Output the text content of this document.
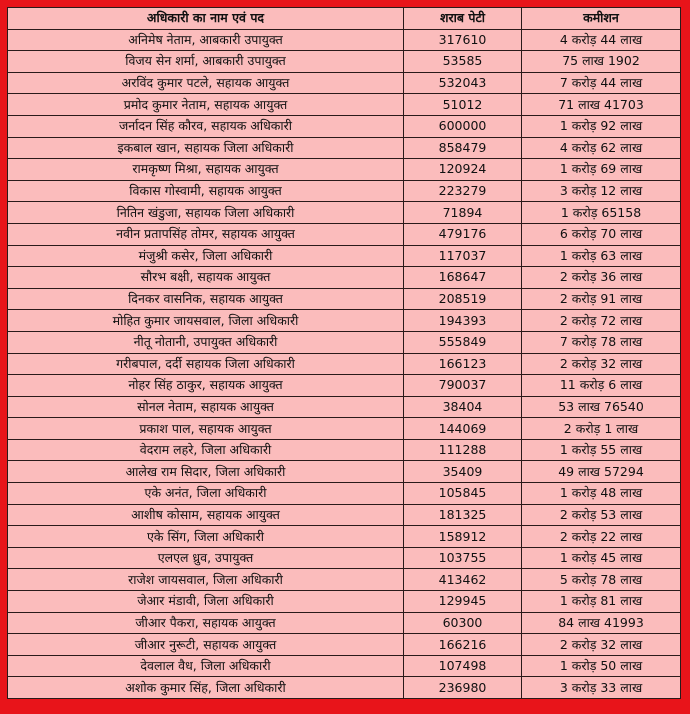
अधिकारी का नाम एवं पद	शराब पेटी	कमीशन
अनिमेष नेताम, आबकारी उपायुक्त	317610	4 करोड़ 44 लाख
विजय सेन शर्मा, आबकारी उपायुक्त	53585	75 लाख 1902
अरविंद कुमार पटले, सहायक आयुक्त	532043	7 करोड़ 44 लाख
प्रमोद कुमार नेताम, सहायक आयुक्त	51012	71 लाख 41703
जर्नादन सिंह कौरव, सहायक अधिकारी	600000	1 करोड़ 92 लाख
इकबाल खान, सहायक जिला अधिकारी	858479	4 करोड़ 62 लाख
रामकृष्ण मिश्रा, सहायक आयुक्त	120924	1 करोड़ 69 लाख
विकास गोस्वामी, सहायक आयुक्त	223279	3 करोड़ 12 लाख
नितिन खंडुजा, सहायक जिला अधिकारी	71894	1 करोड़ 65158
नवीन प्रतापसिंह तोमर, सहायक आयुक्त	479176	6 करोड़ 70 लाख
मंजुश्री कसेर, जिला अधिकारी	117037	1 करोड़ 63 लाख
सौरभ बक्षी, सहायक आयुक्त	168647	2 करोड़ 36 लाख
दिनकर वासनिक, सहायक आयुक्त	208519	2 करोड़ 91 लाख
मोहित कुमार जायसवाल, जिला अधिकारी	194393	2 करोड़ 72 लाख
नीतू नोतानी, उपायुक्त अधिकारी	555849	7 करोड़ 78 लाख
गरीबपाल, दर्दी सहायक जिला अधिकारी	166123	2 करोड़ 32 लाख
नोहर सिंह ठाकुर, सहायक आयुक्त	790037	11 करोड़ 6 लाख
सोनल नेताम, सहायक आयुक्त	38404	53 लाख 76540
प्रकाश पाल, सहायक आयुक्त	144069	2 करोड़ 1 लाख
वेदराम लहरे, जिला अधिकारी	111288	1 करोड़ 55 लाख
आलेख राम सिदार, जिला अधिकारी	35409	49 लाख 57294
एके अनंत, जिला अधिकारी	105845	1 करोड़ 48 लाख
आशीष कोसाम, सहायक आयुक्त	181325	2 करोड़ 53 लाख
एके सिंग, जिला अधिकारी	158912	2 करोड़ 22 लाख
एलएल ध्रुव, उपायुक्त	103755	1 करोड़ 45 लाख
राजेश जायसवाल, जिला अधिकारी	413462	5 करोड़ 78 लाख
जेआर मंडावी, जिला अधिकारी	129945	1 करोड़ 81 लाख
जीआर पैकरा, सहायक आयुक्त	60300	84 लाख 41993
जीआर नुरूटी, सहायक आयुक्त	166216	2 करोड़ 32 लाख
देवलाल वैध, जिला अधिकारी	107498	1 करोड़ 50 लाख
अशोक कुमार सिंह, जिला अधिकारी	236980	3 करोड़ 33 लाख
